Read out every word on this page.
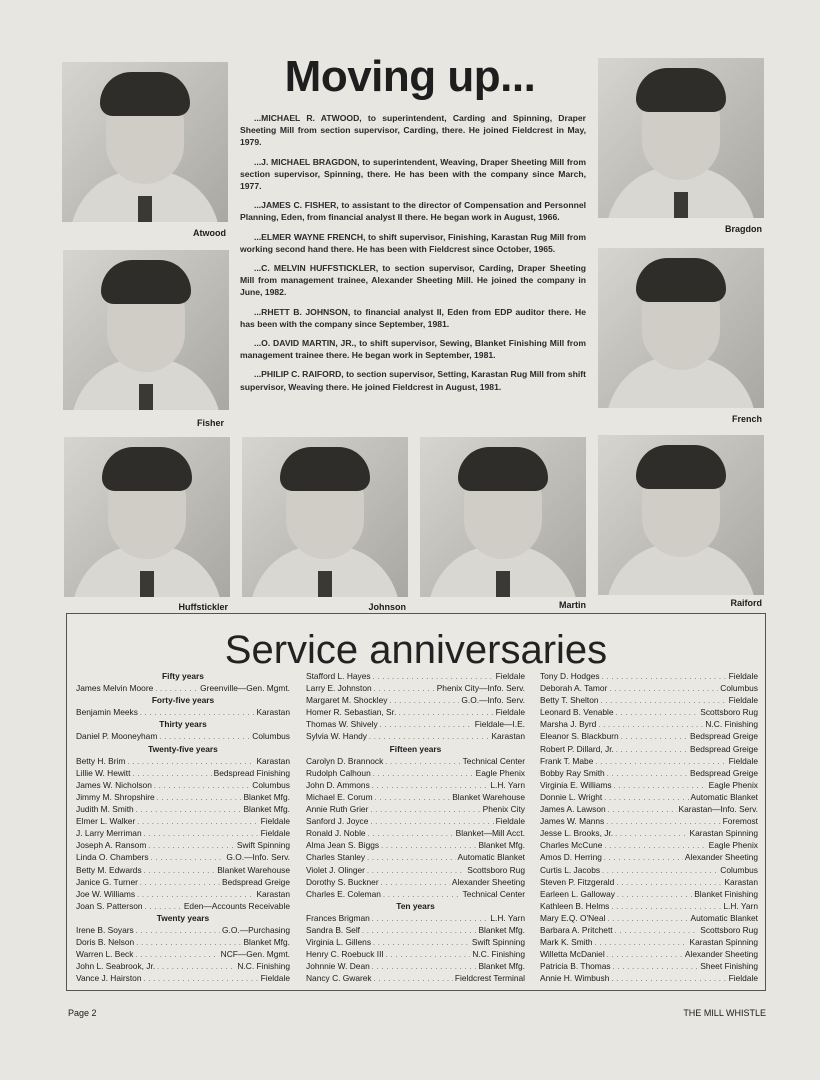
Atwood	Bragdon
Fisher	French
Huffstickler	Johnson	Martin	Raiford
Moving up...

...MICHAEL R. ATWOOD, to superintendent, Carding and Spinning, Draper Sheeting Mill from section supervisor, Carding, there. He joined Fieldcrest in May, 1979.

...J. MICHAEL BRAGDON, to superintendent, Weaving, Draper Sheeting Mill from section supervisor, Spinning, there. He has been with the company since March, 1977.

...JAMES C. FISHER, to assistant to the director of Compensation and Personnel Planning, Eden, from financial analyst II there. He began work in August, 1966.

...ELMER WAYNE FRENCH, to shift supervisor, Finishing, Karastan Rug Mill from working second hand there. He has been with Fieldcrest since October, 1965.

...C. MELVIN HUFFSTICKLER, to section supervisor, Carding, Draper Sheeting Mill from management trainee, Alexander Sheeting Mill. He joined the company in June, 1982.

...RHETT B. JOHNSON, to financial analyst II, Eden from EDP auditor there. He has been with the company since September, 1981.

...O. DAVID MARTIN, JR., to shift supervisor, Sewing, Blanket Finishing Mill from management trainee there. He began work in September, 1981.

...PHILIP C. RAIFORD, to section supervisor, Setting, Karastan Rug Mill from shift supervisor, Weaving there. He joined Fieldcrest in August, 1981.

Service anniversaries
Fifty years
James Melvin Moore . . .	Greenville—Gen. Mgmt.
Forty-five years
Benjamin Meeks . . .	Karastan
Thirty years
Daniel P. Mooneyham . . .	Columbus
Twenty-five years
Betty H. Brim . . .	Karastan
Lillie W. Hewitt . . .	Bedspread Finishing
James W. Nicholson . . .	Columbus
Jimmy M. Shropshire . . .	Blanket Mfg.
Judith M. Smith . . .	Blanket Mfg.
Elmer L. Walker . . .	Fieldale
J. Larry Merriman . . .	Fieldale
Joseph A. Ransom . . .	Swift Spinning
Linda O. Chambers . . .	G.O.—Info. Serv.
Betty M. Edwards . . .	Blanket Warehouse
Janice G. Turner . . .	Bedspread Greige
Joe W. Williams . . .	Karastan
Joan S. Patterson . . .	Eden—Accounts Receivable
Twenty years
Irene B. Soyars . . .	G.O.—Purchasing
Doris B. Nelson . . .	Blanket Mfg.
Warren L. Beck . . .	NCF—Gen. Mgmt.
John L. Seabrook, Jr. . . .	N.C. Finishing
Vance J. Hairston . . .	Fieldale
Stafford L. Hayes . . .	Fieldale
Larry E. Johnston . . .	Phenix City—Info. Serv.
Margaret M. Shockley . . .	G.O.—Info. Serv.
Homer R. Sebastian, Sr. . . .	Fieldale
Thomas W. Shively . . .	Fieldale—I.E.
Sylvia W. Handy . . .	Karastan
Fifteen years
Carolyn D. Brannock . . .	Technical Center
Rudolph Calhoun . . .	Eagle Phenix
John D. Ammons . . .	L.H. Yarn
Michael E. Corum . . .	Blanket Warehouse
Annie Ruth Grier . . .	Phenix City
Sanford J. Joyce . . .	Fieldale
Ronald J. Noble . . .	Blanket—Mill Acct.
Alma Jean S. Biggs . . .	Blanket Mfg.
Charles Stanley . . .	Automatic Blanket
Violet J. Olinger . . .	Scottsboro Rug
Dorothy S. Buckner . . .	Alexander Sheeting
Charles E. Coleman . . .	Technical Center
Ten years
Frances Brigman . . .	L.H. Yarn
Sandra B. Self . . .	Blanket Mfg.
Virginia L. Gillens . . .	Swift Spinning
Henry C. Roebuck III . . .	N.C. Finishing
Johnnie W. Dean . . .	Blanket Mfg.
Nancy C. Gwarek . . .	Fieldcrest Terminal
Tony D. Hodges . . .	Fieldale
Deborah A. Tamor . . .	Columbus
Betty T. Shelton . . .	Fieldale
Leonard B. Venable . . .	Scottsboro Rug
Marsha J. Byrd . . .	N.C. Finishing
Eleanor S. Blackburn . . .	Bedspread Greige
Robert P. Dillard, Jr. . . .	Bedspread Greige
Frank T. Mabe . . .	Fieldale
Bobby Ray Smith . . .	Bedspread Greige
Virginia E. Williams . . .	Eagle Phenix
Donnie L. Wright . . .	Automatic Blanket
James A. Lawson . . .	Karastan—Info. Serv.
James W. Manns . . .	Foremost
Jesse L. Brooks, Jr. . . .	Karastan Spinning
Charles McCune . . .	Eagle Phenix
Amos D. Herring . . .	Alexander Sheeting
Curtis L. Jacobs . . .	Columbus
Steven P. Fitzgerald . . .	Karastan
Earleen L. Galloway . . .	Blanket Finishing
Kathleen B. Helms . . .	L.H. Yarn
Mary E.Q. O'Neal . . .	Automatic Blanket
Barbara A. Pritchett . . .	Scottsboro Rug
Mark K. Smith . . .	Karastan Spinning
Willetta McDaniel . . .	Alexander Sheeting
Patricia B. Thomas . . .	Sheet Finishing
Annie H. Wimbush . . .	Fieldale
Page 2	THE MILL WHISTLE
